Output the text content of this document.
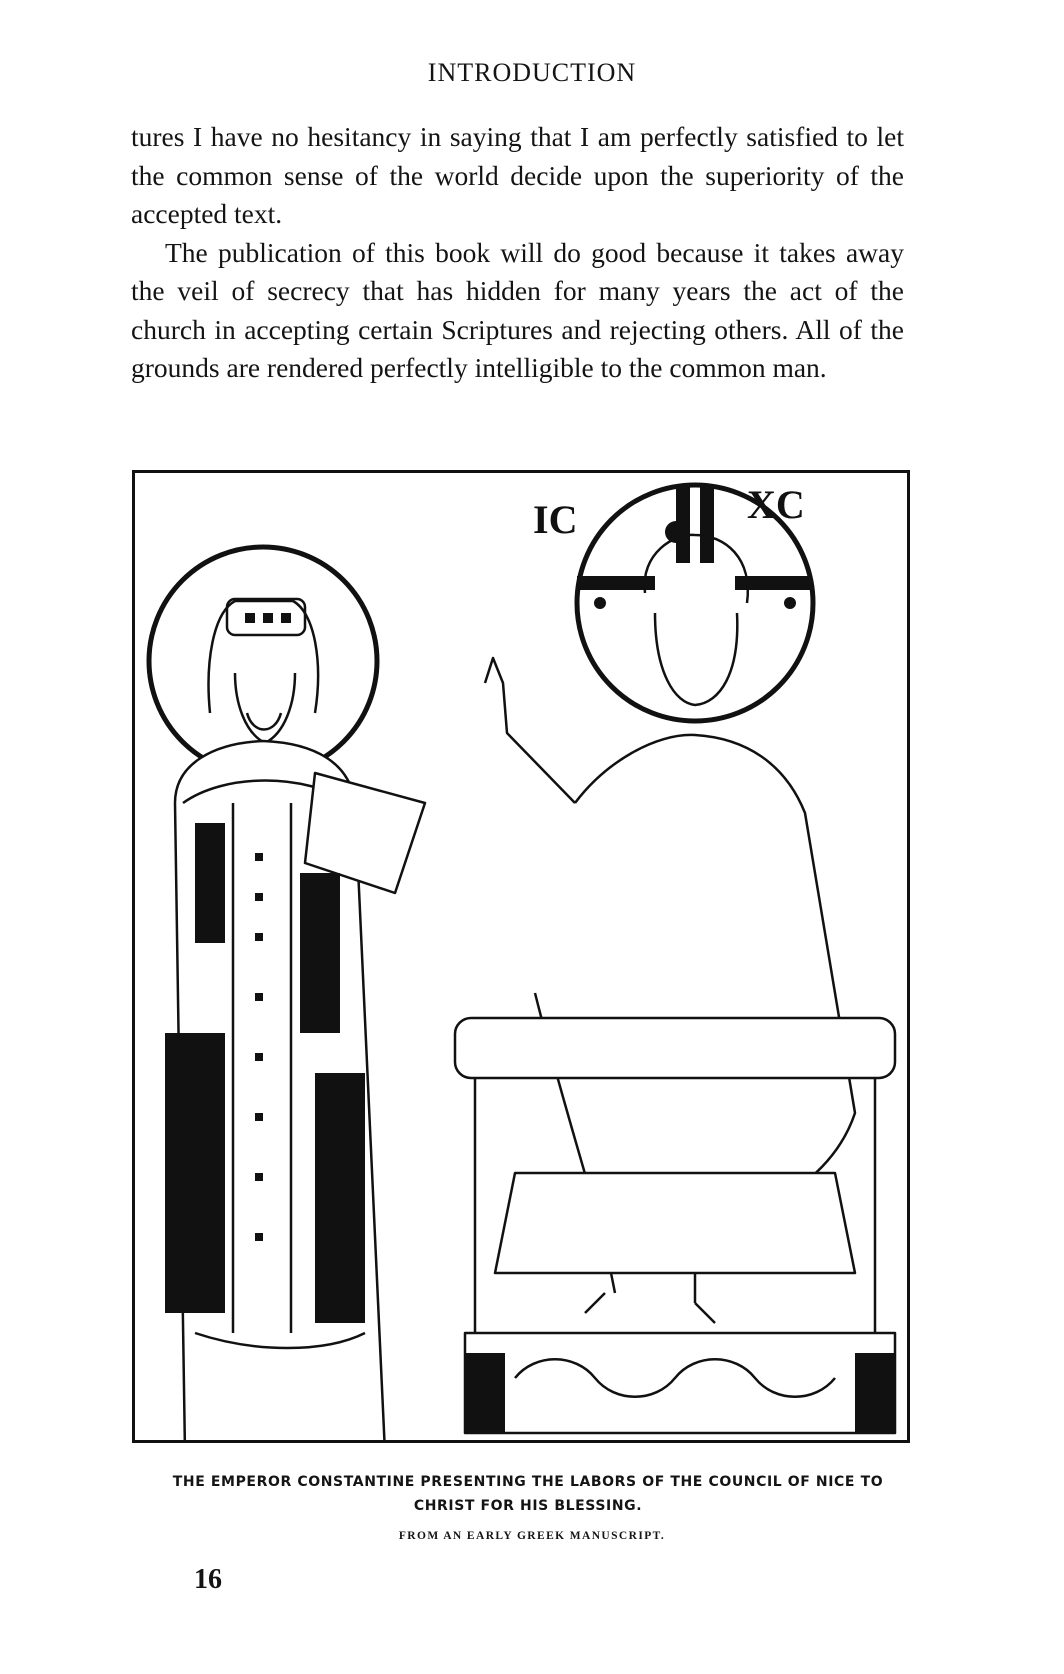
INTRODUCTION

tures I have no hesitancy in saying that I am perfectly satisfied to let the common sense of the world decide upon the superiority of the accepted text.

The publication of this book will do good because it takes away the veil of secrecy that has hidden for many years the act of the church in accepting certain Scriptures and rejecting others. All of the grounds are rendered perfectly intelligible to the common man.

IC	XC
THE EMPEROR CONSTANTINE PRESENTING THE LABORS OF THE COUNCIL OF NICE TO
CHRIST FOR HIS BLESSING.
FROM AN EARLY GREEK MANUSCRIPT.
16
